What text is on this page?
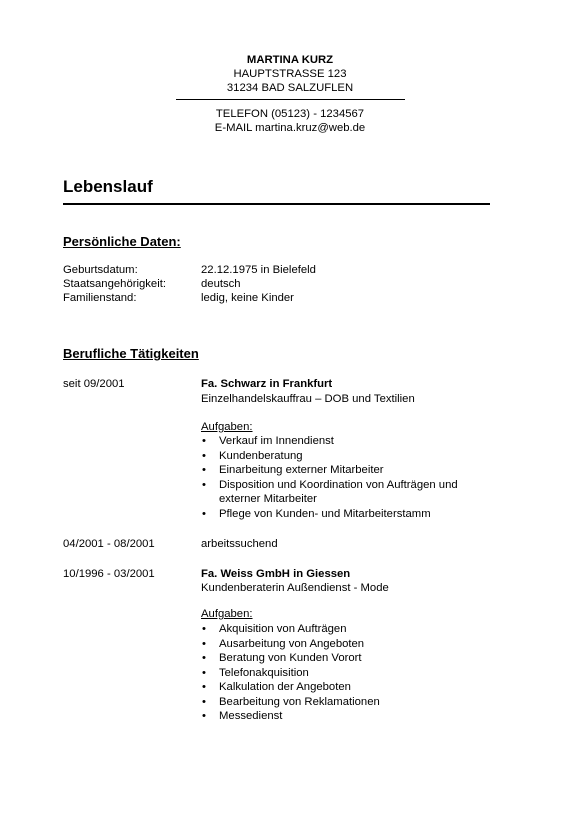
MARTINA KURZ
HAUPTSTRASSE 123
31234 BAD SALZUFLEN
TELEFON (05123) - 1234567
E-MAIL martina.kruz@web.de
Lebenslauf
Persönliche Daten:
Geburtsdatum:	22.12.1975 in Bielefeld
Staatsangehörigkeit:	deutsch
Familienstand:	ledig, keine Kinder
Berufliche Tätigkeiten
seit 09/2001	Fa. Schwarz in Frankfurt
Einzelhandelskauffrau – DOB und Textilien
Aufgaben:
• Verkauf im Innendienst
• Kundenberatung
• Einarbeitung externer Mitarbeiter
• Disposition und Koordination von Aufträgen und externer Mitarbeiter
• Pflege von Kunden- und Mitarbeiterstamm
04/2001 - 08/2001	arbeitssuchend
10/1996 - 03/2001	Fa. Weiss GmbH in Giessen
Kundenberaterin Außendienst - Mode
Aufgaben:
• Akquisition von Aufträgen
• Ausarbeitung von Angeboten
• Beratung von Kunden Vorort
• Telefonakquisition
• Kalkulation der Angeboten
• Bearbeitung von Reklamationen
• Messedienst
